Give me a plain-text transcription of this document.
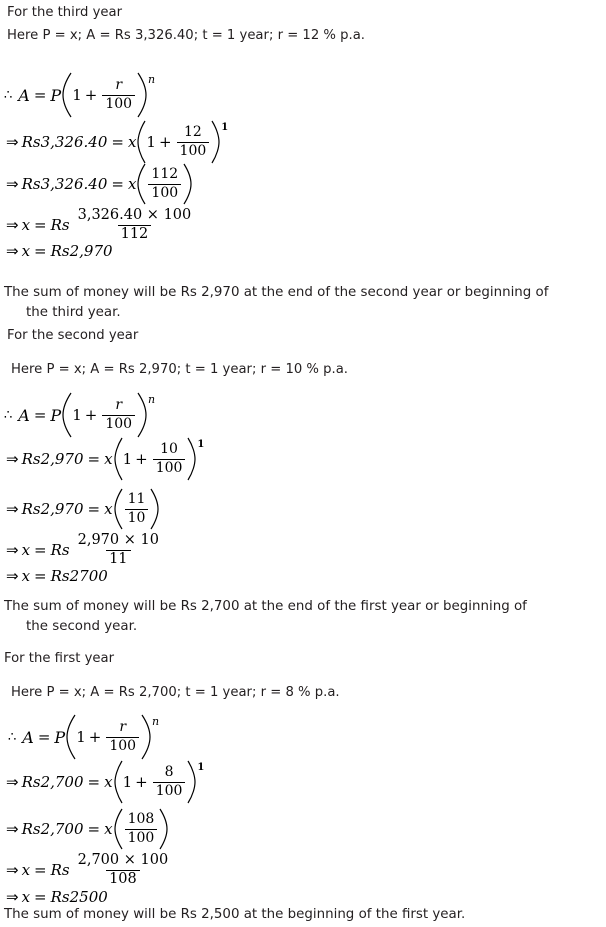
For the third year
Here P = x; A = Rs 3,326.40; t = 1 year; r = 12 % p.a.
∴ A = P $1 + \frac{r}{100}$ n
⇒ Rs3,326.40 = x $1 + \frac{12}{100} 1$
⇒ Rs3,326.40 = x $\frac{112}{100}$
⇒ x = Rs $\frac{3,326.40 \times 100}{112}$
⇒ x = Rs2,970
The sum of money will be Rs 2,970 at the end of the second year or beginning of
the third year.
For the second year
Here P = x; A = Rs 2,970; t = 1 year; r = 10 % p.a.
∴ A = P $1 + \frac{r}{100}$ n
⇒ Rs2,970 = x $1 + \frac{10}{100} 1$
⇒ Rs2,970 = x $\frac{11}{10}$
⇒ x = Rs $\frac{2,970 \times 10}{11}$
⇒ x = Rs2700
The sum of money will be Rs 2,700 at the end of the first year or beginning of
the second year.
For the first year
Here P = x; A = Rs 2,700; t = 1 year; r = 8 % p.a.
∴ A = P $1 + \frac{r}{100}$ n
⇒ Rs2,700 = x $1 + \frac{8}{100} 1$
⇒ Rs2,700 = x $\frac{108}{100}$
⇒ x = Rs $\frac{2,700 \times 100}{108}$
⇒ x = Rs2500
The sum of money will be Rs 2,500 at the beginning of the first year.
